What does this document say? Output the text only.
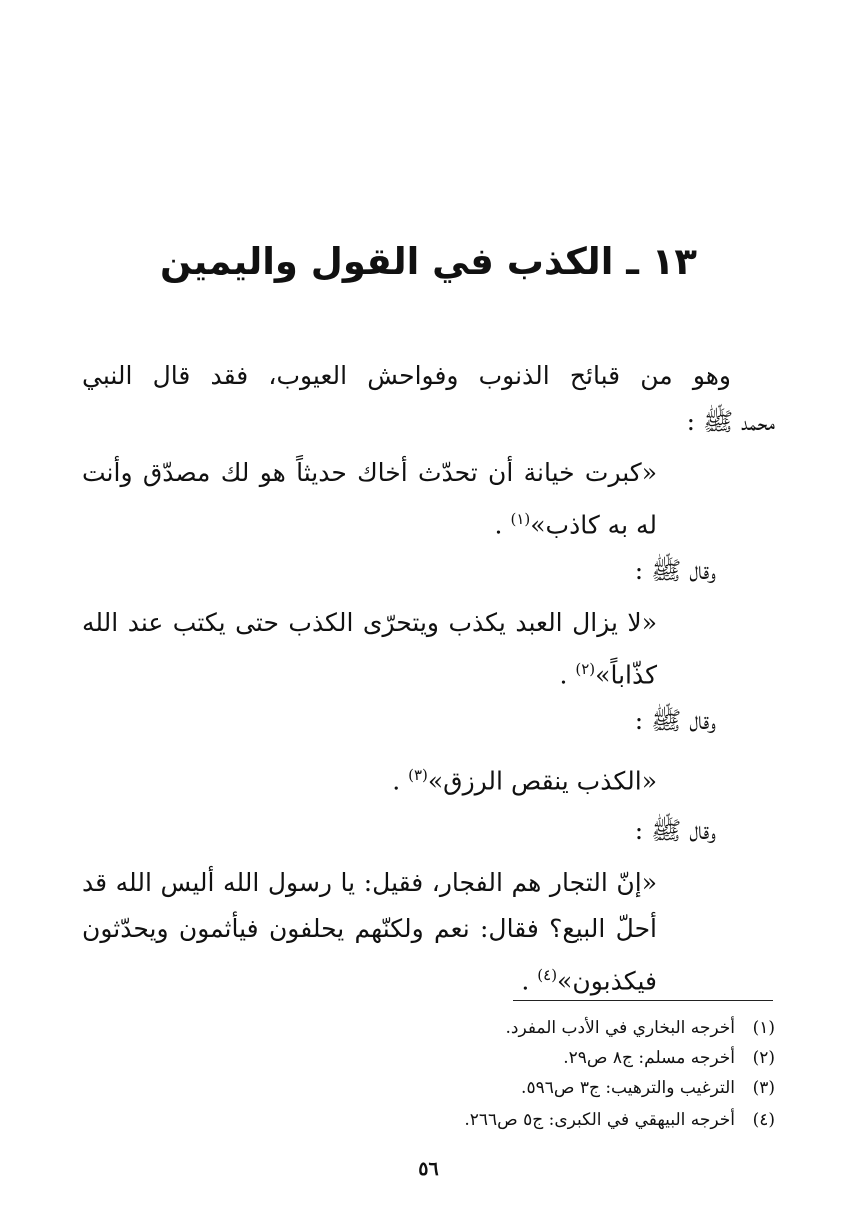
١٣ ـ الكذب في القول واليمين
وهو من قبائح الذنوب وفواحش العيوب، فقد قال النبي
محمد ﷺ :
«كبرت خيانة أن تحدّث أخاك حديثاً هو لك مصدّق وأنت
له به كاذب»$^{(١)}$ .
وقال ﷺ :
«لا يزال العبد يكذب ويتحرّى الكذب حتى يكتب عند الله
كذّاباً»$^{(٢)}$ .
وقال ﷺ :
«الكذب ينقص الرزق»$^{(٣)}$ .
وقال ﷺ :
«إنّ التجار هم الفجار، فقيل: يا رسول الله أليس الله قد
أحلّ البيع؟ فقال: نعم ولكنّهم يحلفون فيأثمون ويحدّثون
فيكذبون»$^{(٤)}$ .
(١)أخرجه البخاري في الأدب المفرد.
(٢)أخرجه مسلم: ج٨ ص٢٩.
(٣)الترغيب والترهيب: ج٣ ص٥٩٦.
(٤)أخرجه البيهقي في الكبرى: ج٥ ص٢٦٦.
٥٦
